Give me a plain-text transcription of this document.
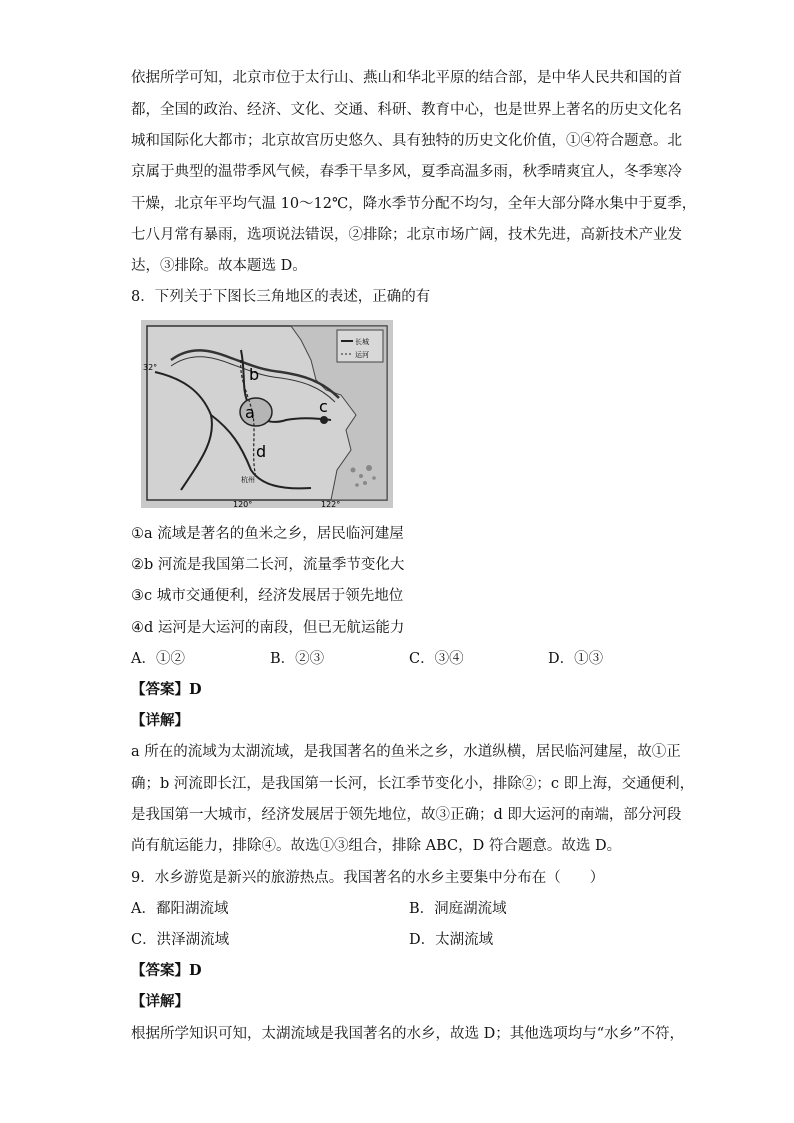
依据所学可知，北京市位于太行山、燕山和华北平原的结合部，是中华人民共和国的首
都，全国的政治、经济、文化、交通、科研、教育中心，也是世界上著名的历史文化名
城和国际化大都市；北京故宫历史悠久、具有独特的历史文化价值，①④符合题意。北
京属于典型的温带季风气候，春季干旱多风，夏季高温多雨，秋季晴爽宜人，冬季寒冷
干燥，北京年平均气温 10～12℃，降水季节分配不均匀，全年大部分降水集中于夏季，
七八月常有暴雨，选项说法错误，②排除；北京市场广阔，技术先进，高新技术产业发
达，③排除。故本题选 D。
8．下列关于下图长三角地区的表述，正确的有
长城
运河
32°
120°	122°
a
b
c
d
杭州
①a 流域是著名的鱼米之乡，居民临河建屋
②b 河流是我国第二长河，流量季节变化大
③c 城市交通便利，经济发展居于领先地位
④d 运河是大运河的南段，但已无航运能力
A．①②	B．②③	C．③④	D．①③
【答案】D
【详解】
a 所在的流域为太湖流域，是我国著名的鱼米之乡，水道纵横，居民临河建屋，故①正
确；b 河流即长江，是我国第一长河，长江季节变化小，排除②；c 即上海，交通便利，
是我国第一大城市，经济发展居于领先地位，故③正确；d 即大运河的南端，部分河段
尚有航运能力，排除④。故选①③组合，排除 ABC，D 符合题意。故选 D。
9．水乡游览是新兴的旅游热点。我国著名的水乡主要集中分布在（　　）
A．鄱阳湖流域	B．洞庭湖流域
C．洪泽湖流域	D．太湖流域
【答案】D
【详解】
根据所学知识可知，太湖流域是我国著名的水乡，故选 D；其他选项均与“水乡”不符，
